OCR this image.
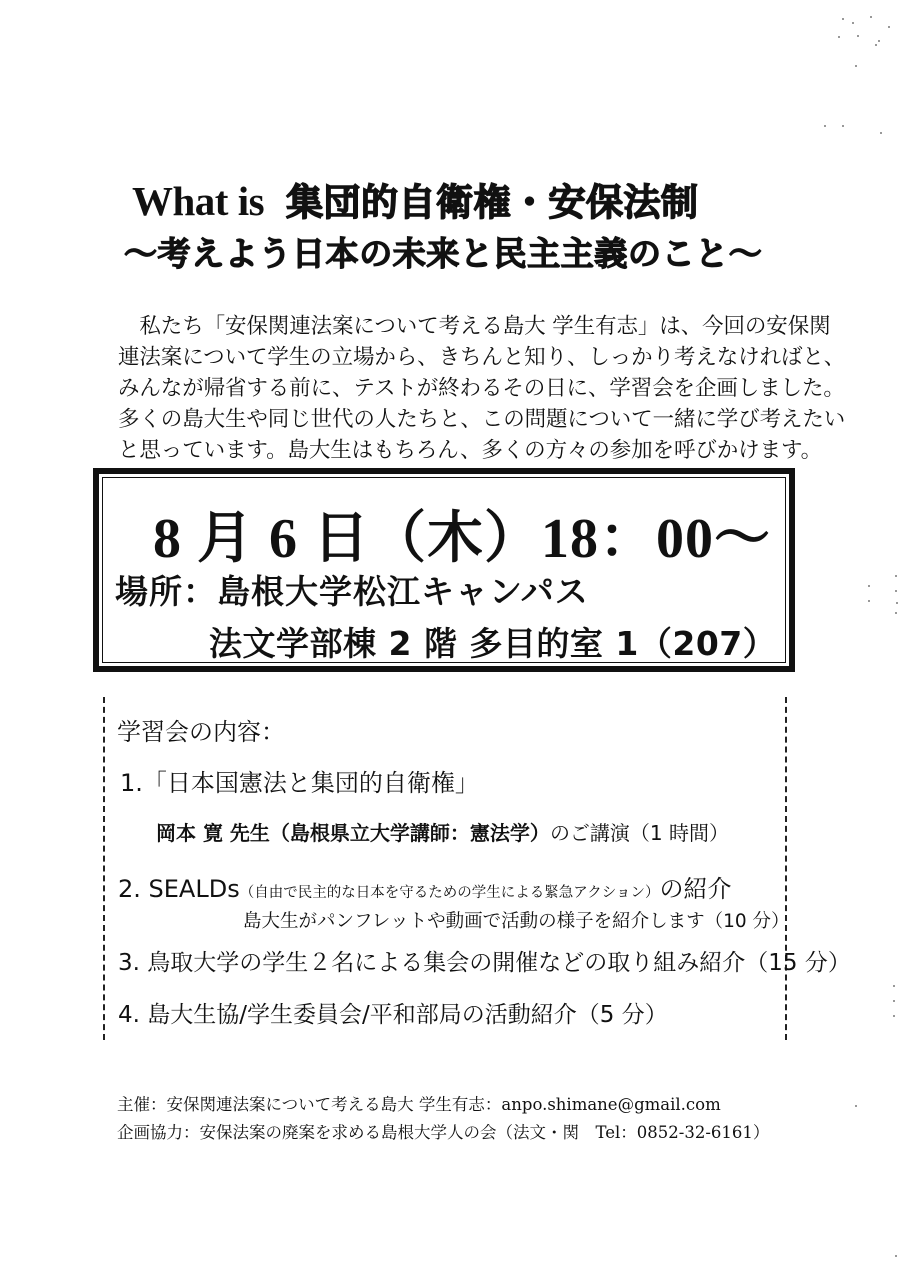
What is 集団的自衛権・安保法制
～考えよう日本の未来と民主主義のこと～
　私たち「安保関連法案について考える島大 学生有志」は、今回の安保関
連法案について学生の立場から、きちんと知り、しっかり考えなければと、
みんなが帰省する前に、テストが終わるその日に、学習会を企画しました。
多くの島大生や同じ世代の人たちと、この問題について一緒に学び考えたい
と思っています。島大生はもちろん、多くの方々の参加を呼びかけます。
8 月 6 日（木）18：00～
場所：島根大学松江キャンパス
法文学部棟 2 階 多目的室 1（207）
学習会の内容：
1.「日本国憲法と集団的自衛権」
岡本 寛 先生（島根県立大学講師：憲法学）のご講演（1 時間）
2. SEALDs（自由で民主的な日本を守るための学生による緊急アクション）の紹介
島大生がパンフレットや動画で活動の様子を紹介します（10 分）
3. 鳥取大学の学生２名による集会の開催などの取り組み紹介（15 分）
4. 島大生協/学生委員会/平和部局の活動紹介（5 分）
主催：安保関連法案について考える島大 学生有志：anpo.shimane@gmail.com
企画協力：安保法案の廃案を求める島根大学人の会（法文・関　Tel：0852-32-6161）
